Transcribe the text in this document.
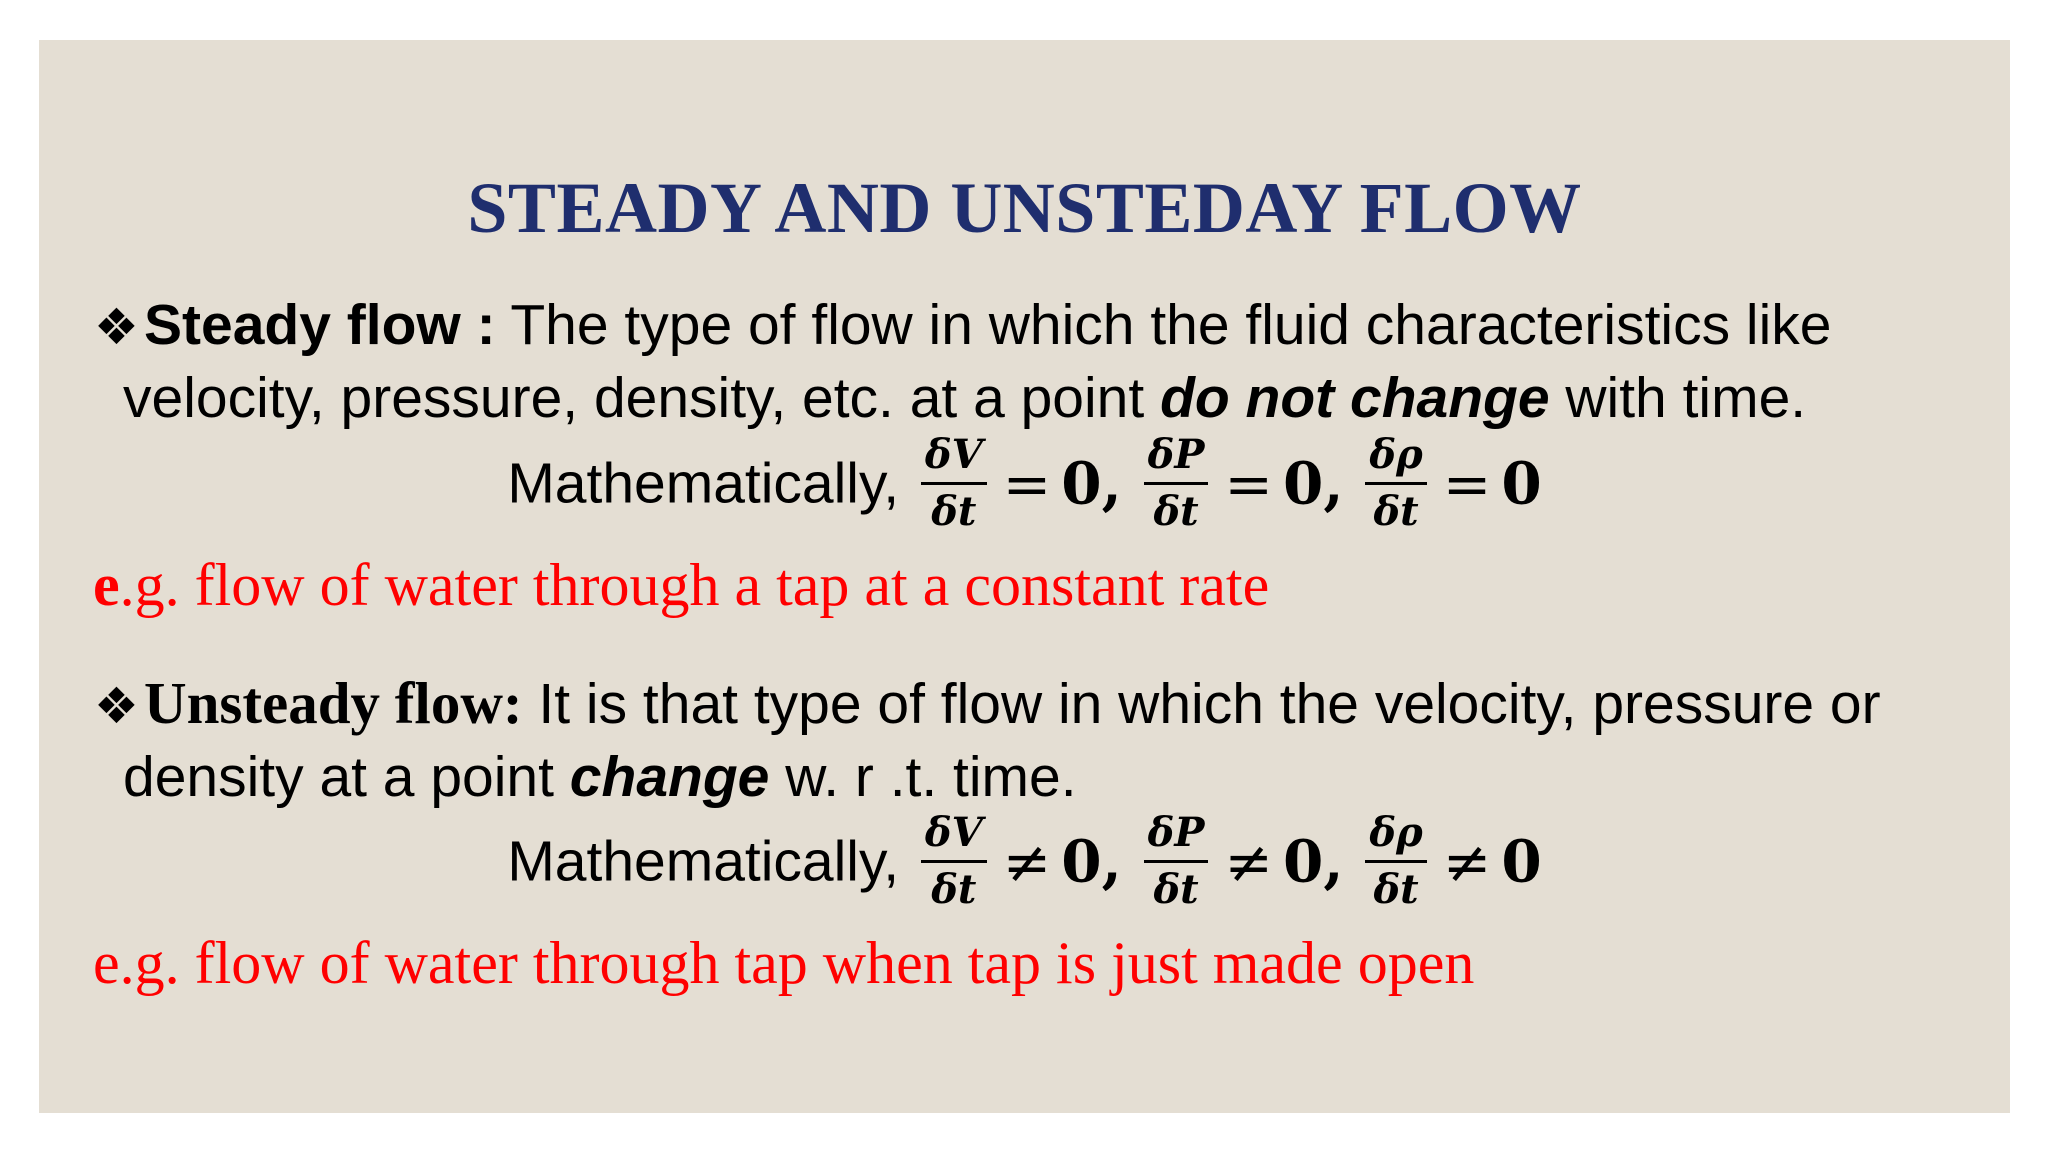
STEADY AND UNSTEDAY FLOW
❖Steady flow : The type of flow in which the fluid characteristics like
velocity, pressure, density, etc. at a point do not change with time.
Mathematically, $\frac{\delta V}{\delta t} = 0$, $\frac{\delta P}{\delta t} = 0$, $\frac{\delta\rho}{\delta t} = 0$
e.g. flow of water through a tap at a constant rate
❖Unsteady flow: It is that type of flow in which the velocity, pressure or
density at a point change w. r .t. time.
Mathematically, $\frac{\delta V}{\delta t} \ne 0$, $\frac{\delta P}{\delta t} \ne 0$, $\frac{\delta\rho}{\delta t} \ne 0$
e.g. flow of water through tap when tap is just made open
